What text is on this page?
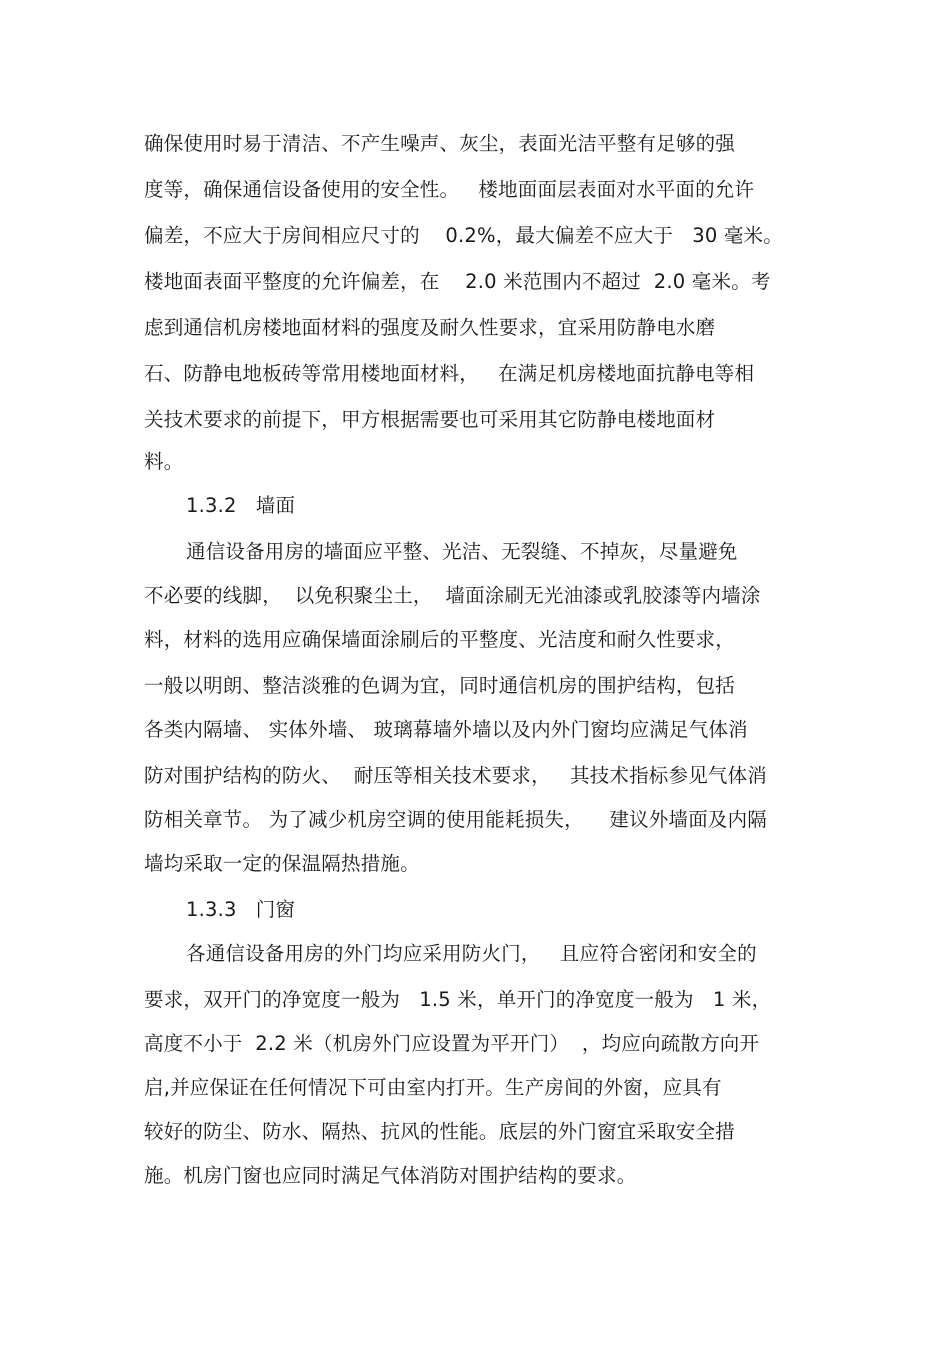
确保使用时易于清洁、不产生噪声、灰尘，表面光洁平整有足够的强
度等，确保通信设备使用的安全性。   楼地面面层表面对水平面的允许
偏差，不应大于房间相应尺寸的    0.2%，最大偏差不应大于   30 毫米。
楼地面表面平整度的允许偏差，在    2.0 米范围内不超过  2.0 毫米。考
虑到通信机房楼地面材料的强度及耐久性要求，宜采用防静电水磨
石、防静电地板砖等常用楼地面材料，   在满足机房楼地面抗静电等相
关技术要求的前提下，甲方根据需要也可采用其它防静电楼地面材
料。
1.3.2   墙面
通信设备用房的墙面应平整、光洁、无裂缝、不掉灰，尽量避免
不必要的线脚，  以免积聚尘土，  墙面涂刷无光油漆或乳胶漆等内墙涂
料，材料的选用应确保墙面涂刷后的平整度、光洁度和耐久性要求，
一般以明朗、整洁淡雅的色调为宜，同时通信机房的围护结构，包括
各类内隔墙、 实体外墙、 玻璃幕墙外墙以及内外门窗均应满足气体消
防对围护结构的防火、  耐压等相关技术要求，   其技术指标参见气体消
防相关章节。 为了减少机房空调的使用能耗损失，    建议外墙面及内隔
墙均采取一定的保温隔热措施。
1.3.3   门窗
各通信设备用房的外门均应采用防火门，   且应符合密闭和安全的
要求，双开门的净宽度一般为   1.5 米，单开门的净宽度一般为   1 米，
高度不小于  2.2 米（机房外门应设置为平开门）  ，均应向疏散方向开
启,并应保证在任何情况下可由室内打开。生产房间的外窗，应具有
较好的防尘、防水、隔热、抗风的性能。底层的外门窗宜采取安全措
施。机房门窗也应同时满足气体消防对围护结构的要求。
